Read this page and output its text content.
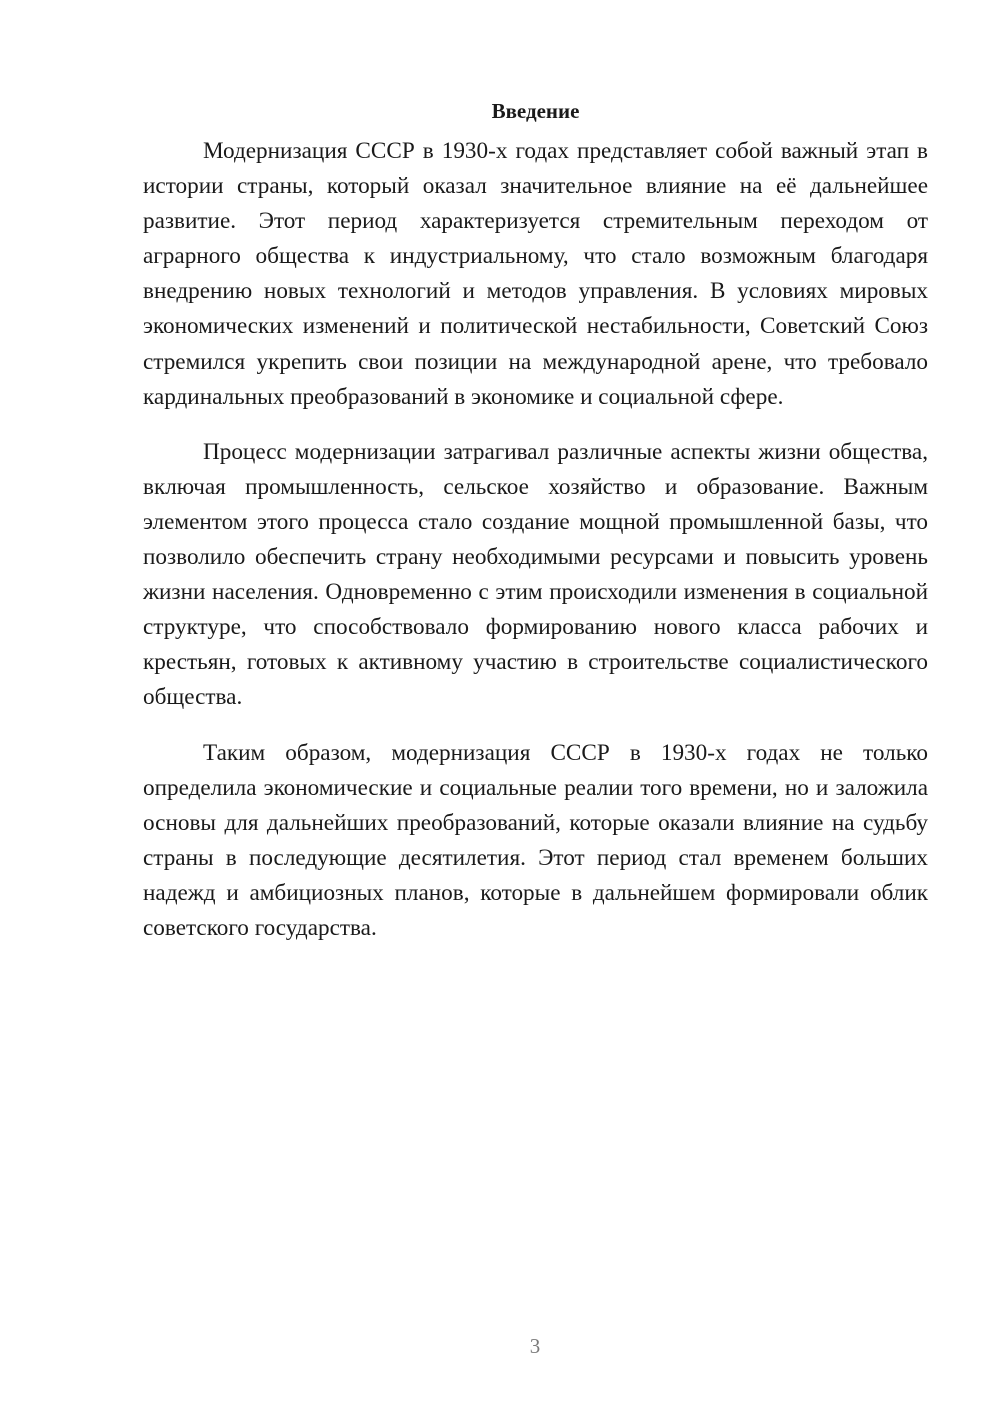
Введение

Модернизация СССР в 1930-х годах представляет собой важный этап в истории страны, который оказал значительное влияние на её дальнейшее развитие. Этот период характеризуется стремительным переходом от аграрного общества к индустриальному, что стало возможным благодаря внедрению новых технологий и методов управления. В условиях мировых экономических изменений и политической нестабильности, Советский Союз стремился укрепить свои позиции на международной арене, что требовало кардинальных преобразований в экономике и социальной сфере.

Процесс модернизации затрагивал различные аспекты жизни общества, включая промышленность, сельское хозяйство и образование. Важным элементом этого процесса стало создание мощной промышленной базы, что позволило обеспечить страну необходимыми ресурсами и повысить уровень жизни населения. Одновременно с этим происходили изменения в социальной структуре, что способствовало формированию нового класса рабочих и крестьян, готовых к активному участию в строительстве социалистического общества.

Таким образом, модернизация СССР в 1930-х годах не только определила экономические и социальные реалии того времени, но и заложила основы для дальнейших преобразований, которые оказали влияние на судьбу страны в последующие десятилетия. Этот период стал временем больших надежд и амбициозных планов, которые в дальнейшем формировали облик советского государства.

3
